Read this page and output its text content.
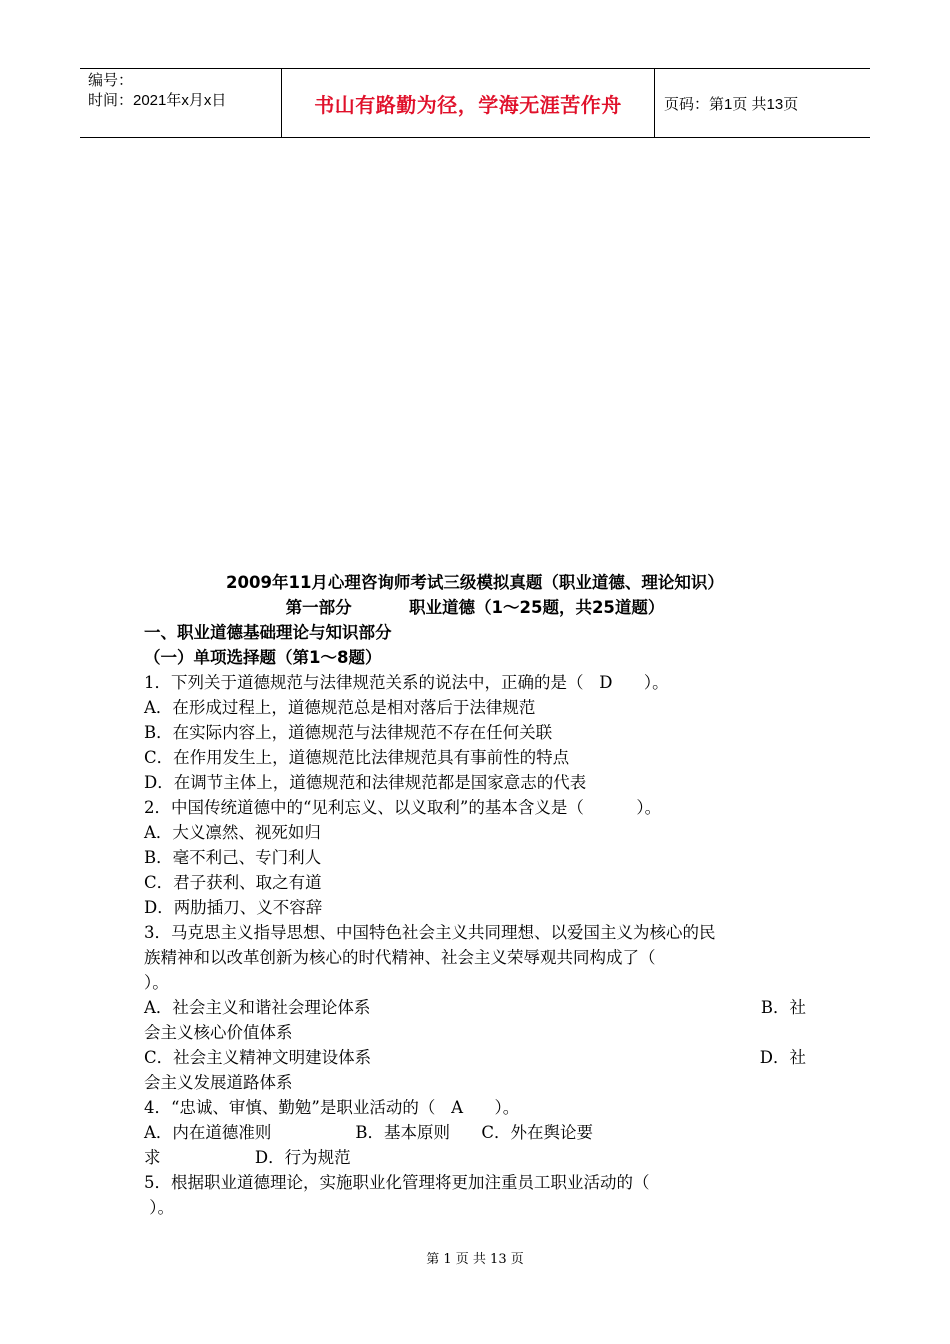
编号：
时间：2021年x月x日	书山有路勤为径，学海无涯苦作舟	页码：第1页 共13页
2009年11月心理咨询师考试三级模拟真题（职业道德、理论知识）
第一部分          职业道德（1～25题，共25道题）
一、职业道德基础理论与知识部分
（一）单项选择题（第1～8题）
1．下列关于道德规范与法律规范关系的说法中，正确的是（   D      ）。
A．在形成过程上，道德规范总是相对落后于法律规范
B．在实际内容上，道德规范与法律规范不存在任何关联
C．在作用发生上，道德规范比法律规范具有事前性的特点
D．在调节主体上，道德规范和法律规范都是国家意志的代表
2．中国传统道德中的“见利忘义、以义取利”的基本含义是（          ）。
A．大义凛然、视死如归
B．毫不利己、专门利人
C．君子获利、取之有道
D．两肋插刀、义不容辞
3．马克思主义指导思想、中国特色社会主义共同理想、以爱国主义为核心的民
族精神和以改革创新为核心的时代精神、社会主义荣辱观共同构成了（
）。
A．社会主义和谐社会理论体系	B．社
会主义核心价值体系
C．社会主义精神文明建设体系	D．社
会主义发展道路体系
4．“忠诚、审慎、勤勉”是职业活动的（   A      ）。
A．内在道德准则                B．基本原则      C．外在舆论要
求                  D．行为规范
5．根据职业道德理论，实施职业化管理将更加注重员工职业活动的（
）。
第 1 页 共 13 页
